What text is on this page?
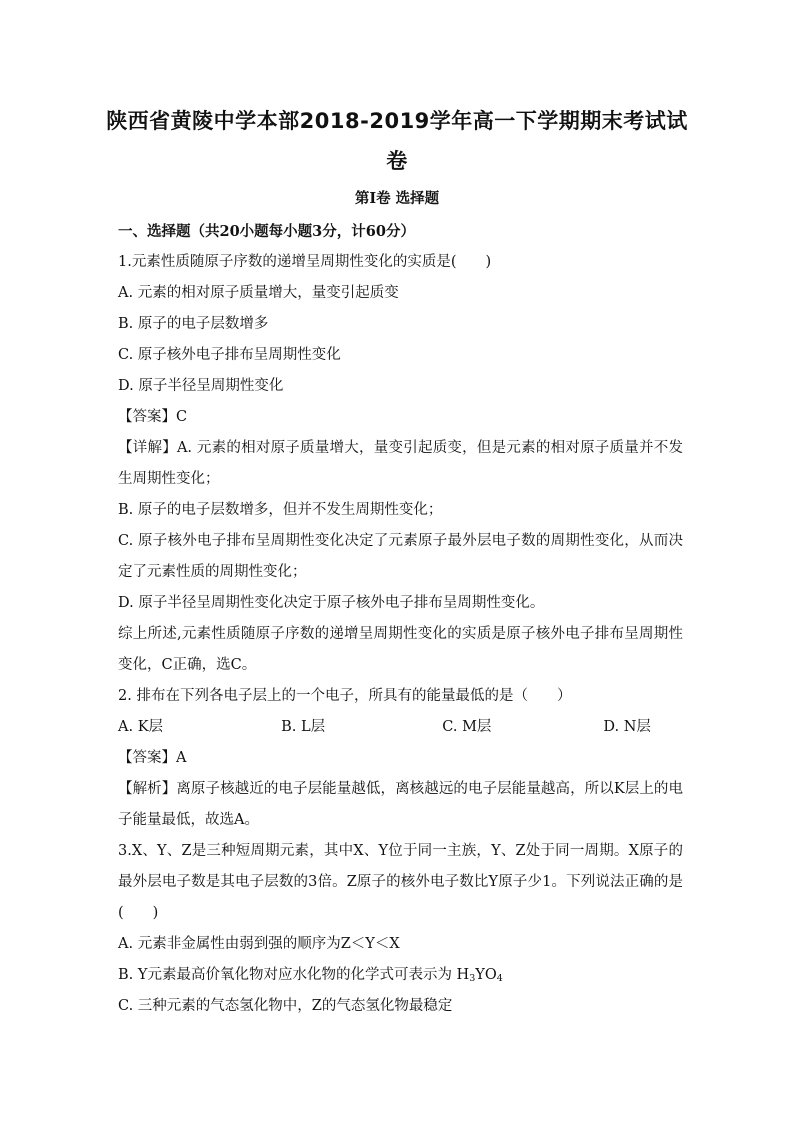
陕西省黄陵中学本部2018-2019学年高一下学期期末考试试
卷
第Ⅰ卷 选择题
一、选择题（共20小题每小题3分，计60分）
1.元素性质随原子序数的递增呈周期性变化的实质是(　　)
A. 元素的相对原子质量增大，量变引起质变
B. 原子的电子层数增多
C. 原子核外电子排布呈周期性变化
D. 原子半径呈周期性变化
【答案】C
【详解】A. 元素的相对原子质量增大，量变引起质变，但是元素的相对原子质量并不发生周期性变化；
B. 原子的电子层数增多，但并不发生周期性变化；
C. 原子核外电子排布呈周期性变化决定了元素原子最外层电子数的周期性变化，从而决定了元素性质的周期性变化；
D. 原子半径呈周期性变化决定于原子核外电子排布呈周期性变化。
综上所述,元素性质随原子序数的递增呈周期性变化的实质是原子核外电子排布呈周期性变化，C正确，选C。
2. 排布在下列各电子层上的一个电子，所具有的能量最低的是（　　）
A. K层	B. L层	C. M层	D. N层
【答案】A
【解析】离原子核越近的电子层能量越低，离核越远的电子层能量越高，所以K层上的电子能量最低，故选A。
3.X、Y、Z是三种短周期元素，其中X、Y位于同一主族，Y、Z处于同一周期。X原子的最外层电子数是其电子层数的3倍。Z原子的核外电子数比Y原子少1。下列说法正确的是(　　)
A. 元素非金属性由弱到强的顺序为Z＜Y＜X
B. Y元素最高价氧化物对应水化物的化学式可表示为 $H_3YO_4$
C. 三种元素的气态氢化物中，Z的气态氢化物最稳定
